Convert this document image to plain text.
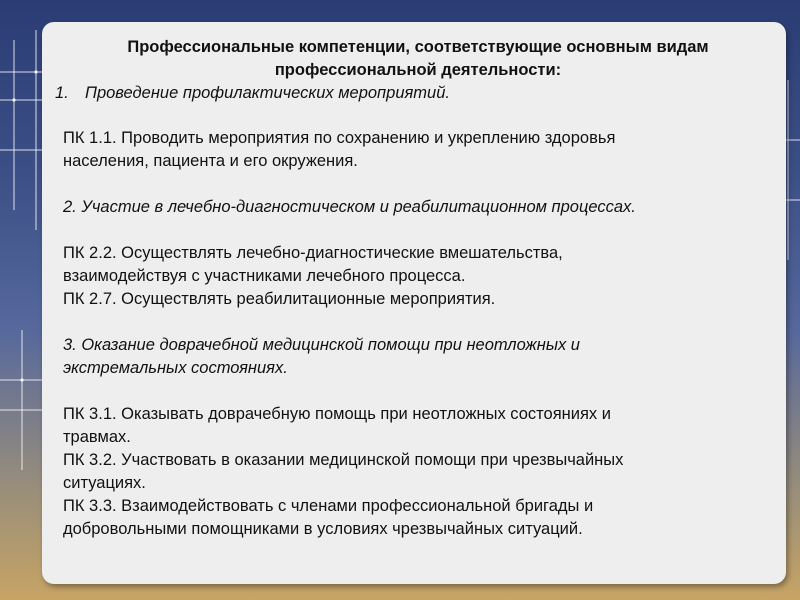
Профессиональные компетенции, соответствующие основным видам
профессиональной деятельности:
1. Проведение профилактических мероприятий.

ПК 1.1. Проводить мероприятия по сохранению и укреплению здоровья

населения, пациента и его окружения.

2. Участие в лечебно-диагностическом и реабилитационном процессах.

ПК 2.2. Осуществлять лечебно-диагностические вмешательства,

взаимодействуя с участниками лечебного процесса.

ПК 2.7. Осуществлять реабилитационные мероприятия.

3. Оказание доврачебной медицинской помощи при неотложных и

экстремальных состояниях.

ПК 3.1. Оказывать доврачебную помощь при неотложных состояниях и

травмах.

ПК 3.2. Участвовать в оказании медицинской помощи при чрезвычайных

ситуациях.

ПК 3.3. Взаимодействовать с членами профессиональной бригады и

добровольными помощниками в условиях чрезвычайных ситуаций.
